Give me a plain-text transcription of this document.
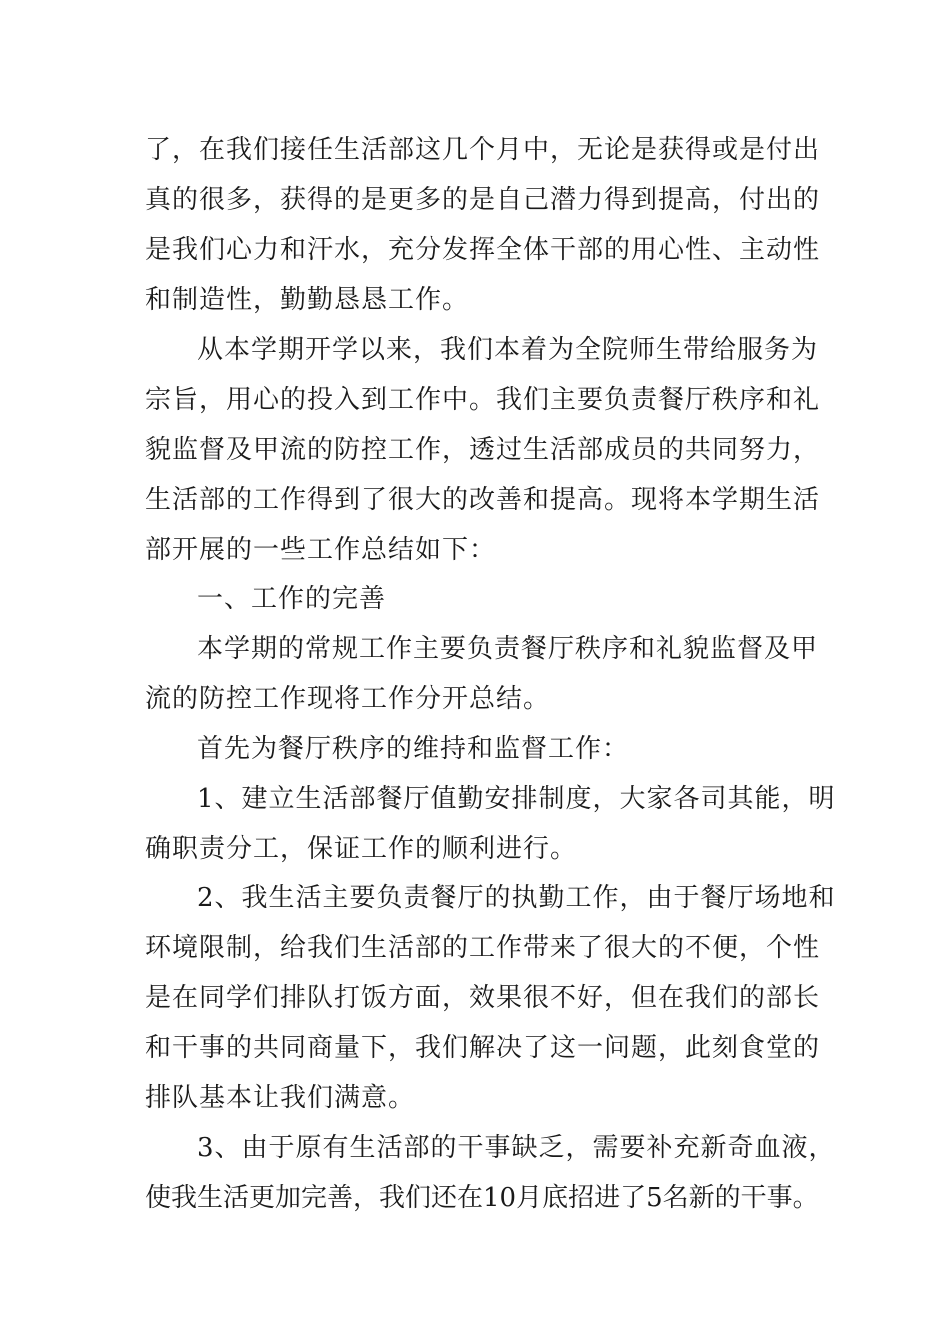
了，在我们接任生活部这几个月中，无论是获得或是付出
真的很多，获得的是更多的是自己潜力得到提高，付出的
是我们心力和汗水，充分发挥全体干部的用心性、主动性
和制造性，勤勤恳恳工作。
从本学期开学以来，我们本着为全院师生带给服务为
宗旨，用心的投入到工作中。我们主要负责餐厅秩序和礼
貌监督及甲流的防控工作，透过生活部成员的共同努力，
生活部的工作得到了很大的改善和提高。现将本学期生活
部开展的一些工作总结如下：
一、工作的完善
本学期的常规工作主要负责餐厅秩序和礼貌监督及甲
流的防控工作现将工作分开总结。
首先为餐厅秩序的维持和监督工作：
1、建立生活部餐厅值勤安排制度，大家各司其能，明
确职责分工，保证工作的顺利进行。
2、我生活主要负责餐厅的执勤工作，由于餐厅场地和
环境限制，给我们生活部的工作带来了很大的不便，个性
是在同学们排队打饭方面，效果很不好，但在我们的部长
和干事的共同商量下，我们解决了这一问题，此刻食堂的
排队基本让我们满意。
3、由于原有生活部的干事缺乏，需要补充新奇血液，
使我生活更加完善，我们还在10月底招进了5名新的干事。
